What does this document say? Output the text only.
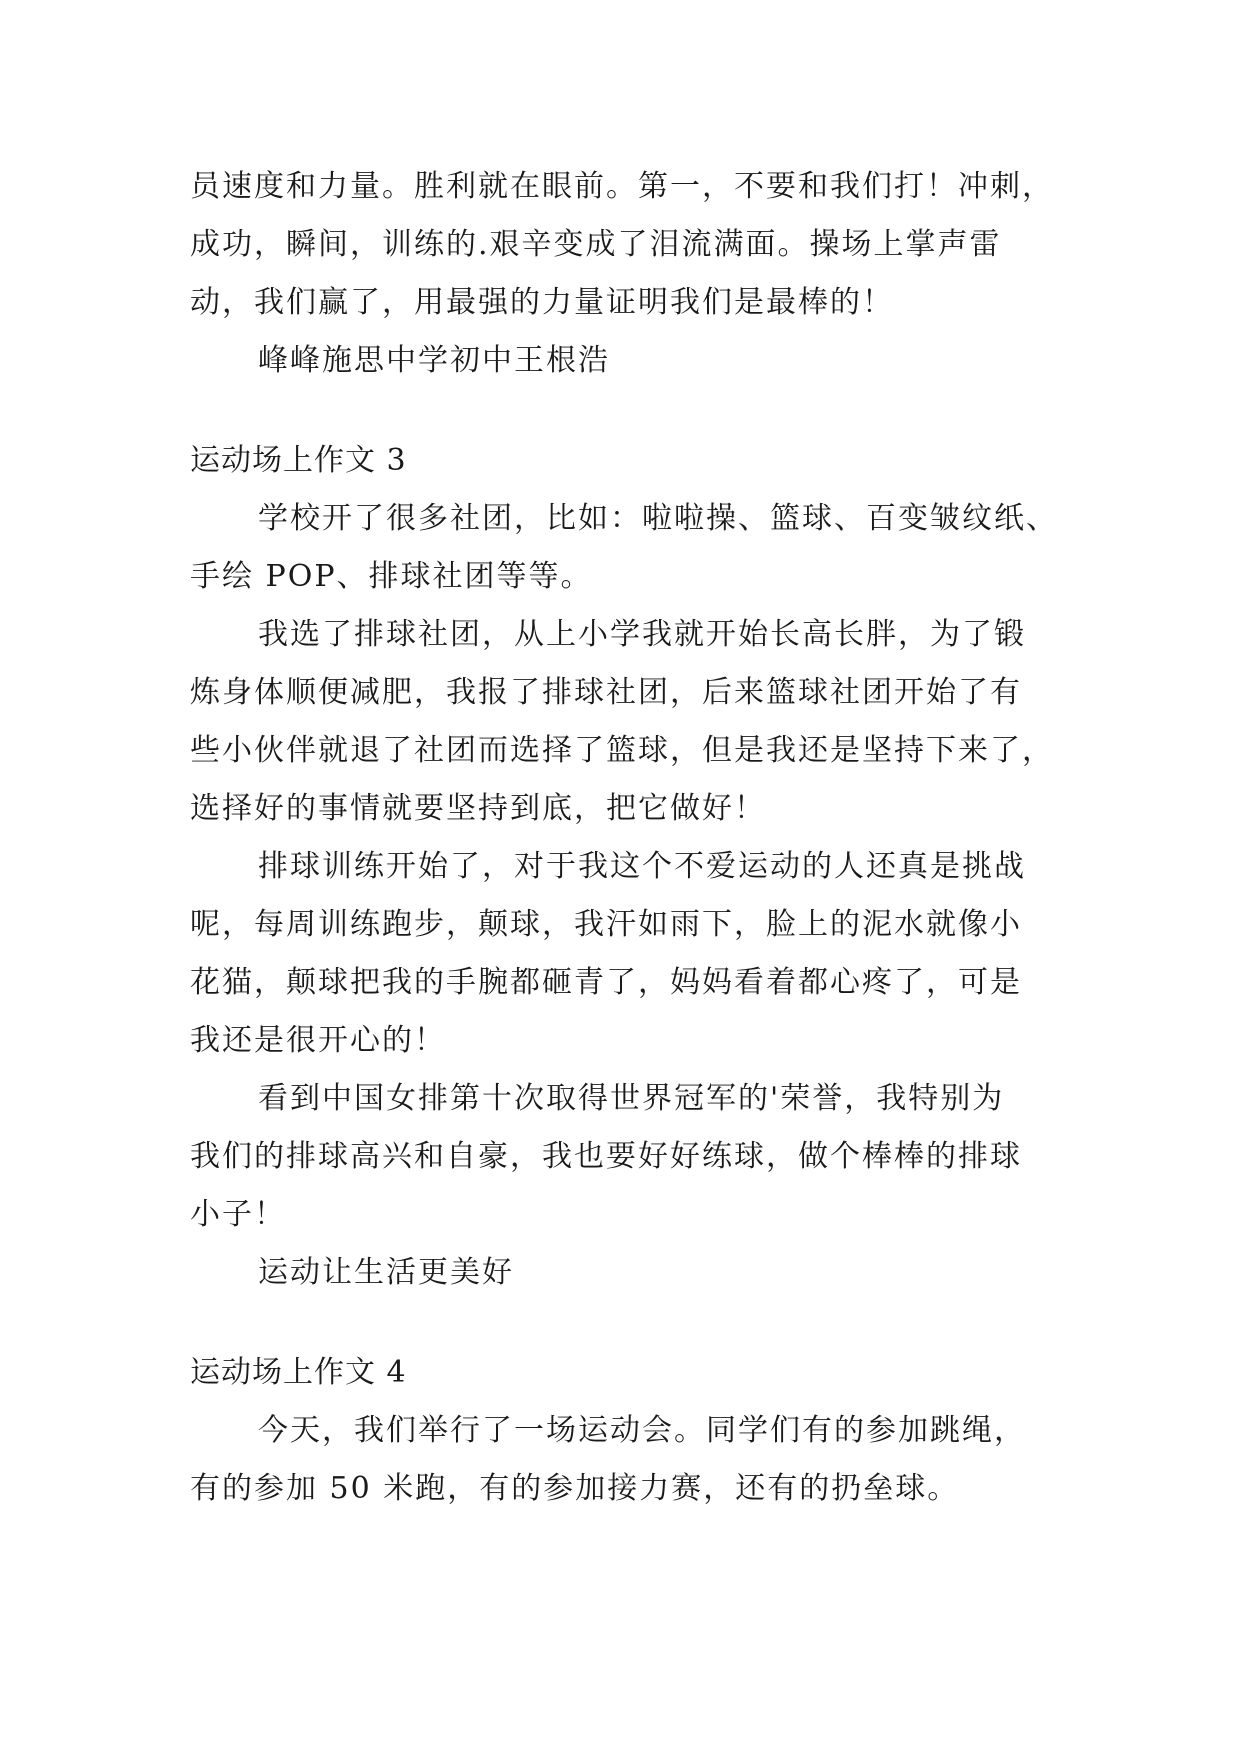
员速度和力量。胜利就在眼前。第一，不要和我们打！冲刺，

成功，瞬间，训练的.艰辛变成了泪流满面。操场上掌声雷

动，我们赢了，用最强的力量证明我们是最棒的！

峰峰施思中学初中王根浩

运动场上作文 3

学校开了很多社团，比如：啦啦操、篮球、百变皱纹纸、

手绘 POP、排球社团等等。

我选了排球社团，从上小学我就开始长高长胖，为了锻

炼身体顺便减肥，我报了排球社团，后来篮球社团开始了有

些小伙伴就退了社团而选择了篮球，但是我还是坚持下来了，

选择好的事情就要坚持到底，把它做好！

排球训练开始了，对于我这个不爱运动的人还真是挑战

呢，每周训练跑步，颠球，我汗如雨下，脸上的泥水就像小

花猫，颠球把我的手腕都砸青了，妈妈看着都心疼了，可是

我还是很开心的！

看到中国女排第十次取得世界冠军的'荣誉，我特别为

我们的排球高兴和自豪，我也要好好练球，做个棒棒的排球

小子！

运动让生活更美好

运动场上作文 4

今天，我们举行了一场运动会。同学们有的参加跳绳，

有的参加 50 米跑，有的参加接力赛，还有的扔垒球。
